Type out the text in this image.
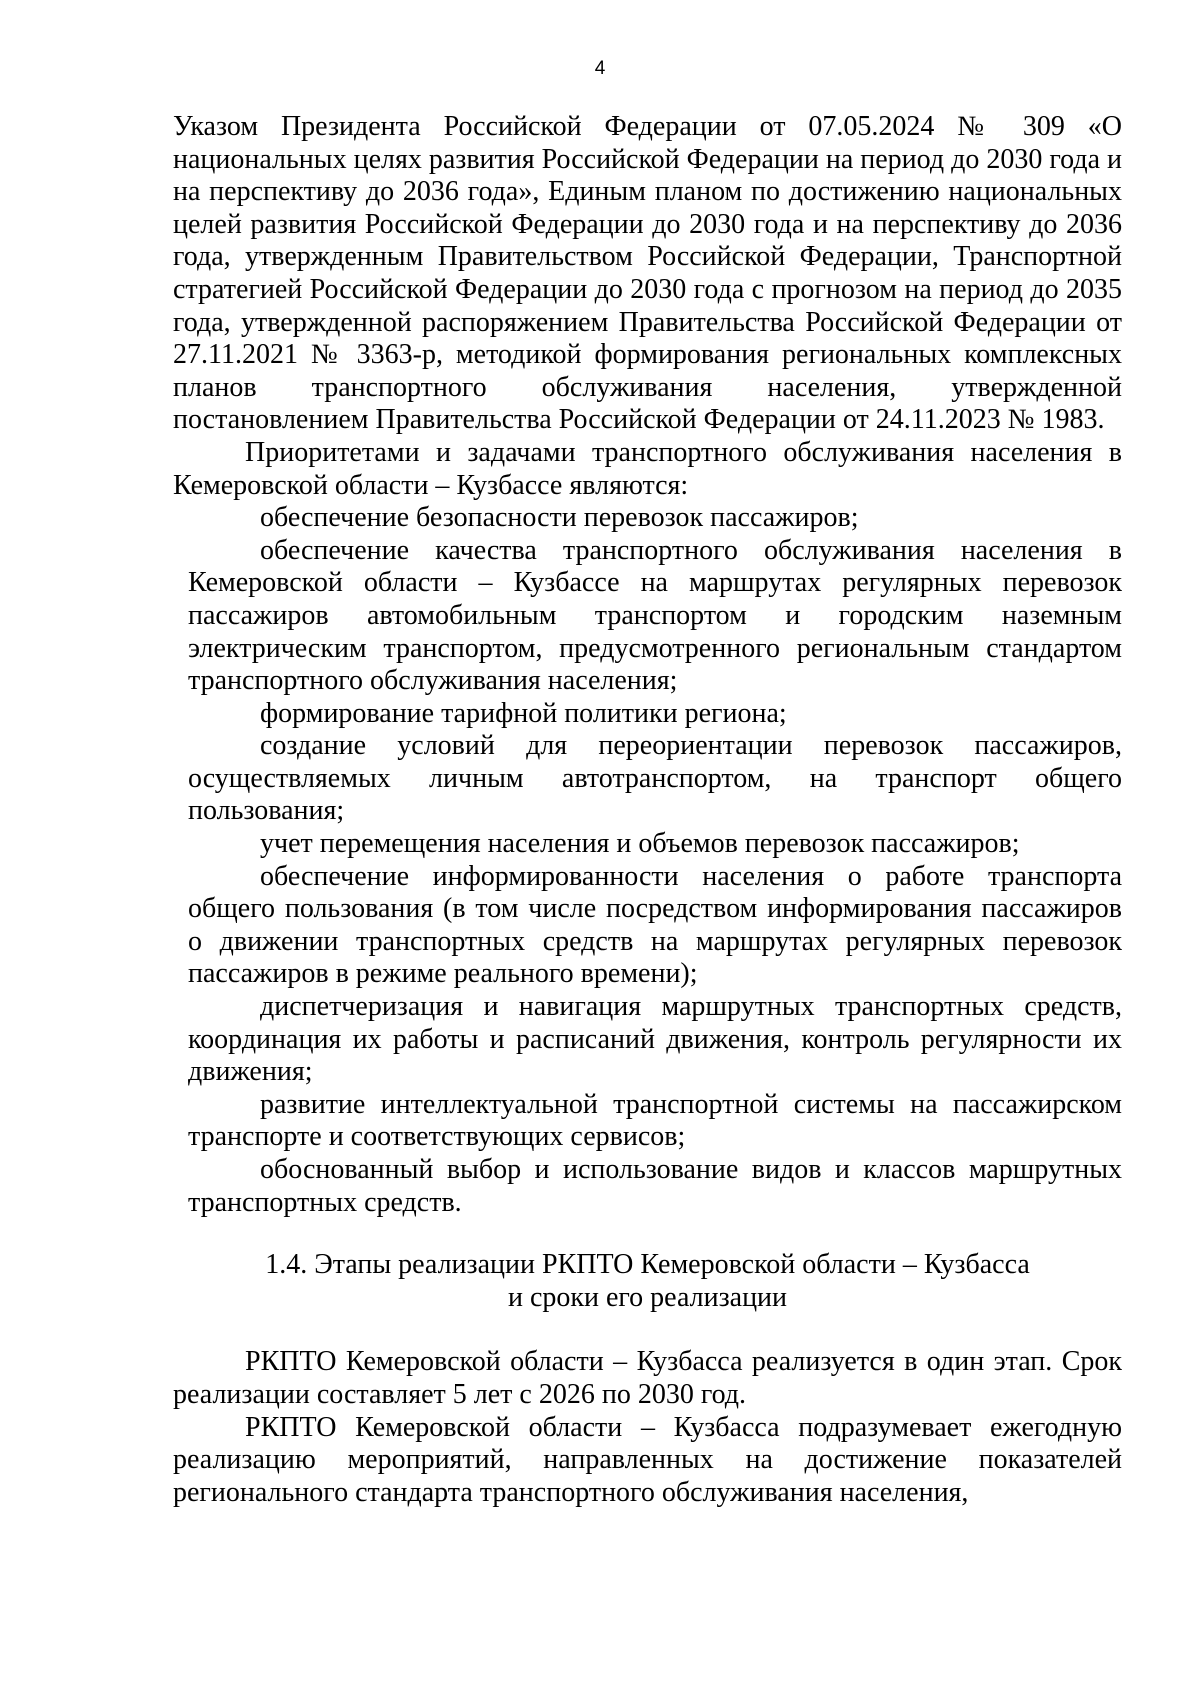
4

Указом Президента Российской Федерации от 07.05.2024 № 309 «О национальных целях развития Российской Федерации на период до 2030 года и на перспективу до 2036 года», Единым планом по достижению национальных целей развития Российской Федерации до 2030 года и на перспективу до 2036 года, утвержденным Правительством Российской Федерации, Транспортной стратегией Российской Федерации до 2030 года с прогнозом на период до 2035 года, утвержденной распоряжением Правительства Российской Федерации от 27.11.2021 № 3363-р, методикой формирования региональных комплексных планов транспортного обслуживания населения, утвержденной постановлением Правительства Российской Федерации от 24.11.2023 № 1983.

Приоритетами и задачами транспортного обслуживания населения в Кемеровской области – Кузбассе являются:

обеспечение безопасности перевозок пассажиров;

обеспечение качества транспортного обслуживания населения в Кемеровской области – Кузбассе на маршрутах регулярных перевозок пассажиров автомобильным транспортом и городским наземным электрическим транспортом, предусмотренного региональным стандартом транспортного обслуживания населения;

формирование тарифной политики региона;

создание условий для переориентации перевозок пассажиров, осуществляемых личным автотранспортом, на транспорт общего пользования;

учет перемещения населения и объемов перевозок пассажиров;

обеспечение информированности населения о работе транспорта общего пользования (в том числе посредством информирования пассажиров о движении транспортных средств на маршрутах регулярных перевозок пассажиров в режиме реального времени);

диспетчеризация и навигация маршрутных транспортных средств, координация их работы и расписаний движения, контроль регулярности их движения;

развитие интеллектуальной транспортной системы на пассажирском транспорте и соответствующих сервисов;

обоснованный выбор и использование видов и классов маршрутных транспортных средств.

1.4. Этапы реализации РКПТО Кемеровской области – Кузбасса
и сроки его реализации

РКПТО Кемеровской области – Кузбасса реализуется в один этап. Срок реализации составляет 5 лет с 2026 по 2030 год.

РКПТО Кемеровской области – Кузбасса подразумевает ежегодную реализацию мероприятий, направленных на достижение показателей регионального стандарта транспортного обслуживания населения,
